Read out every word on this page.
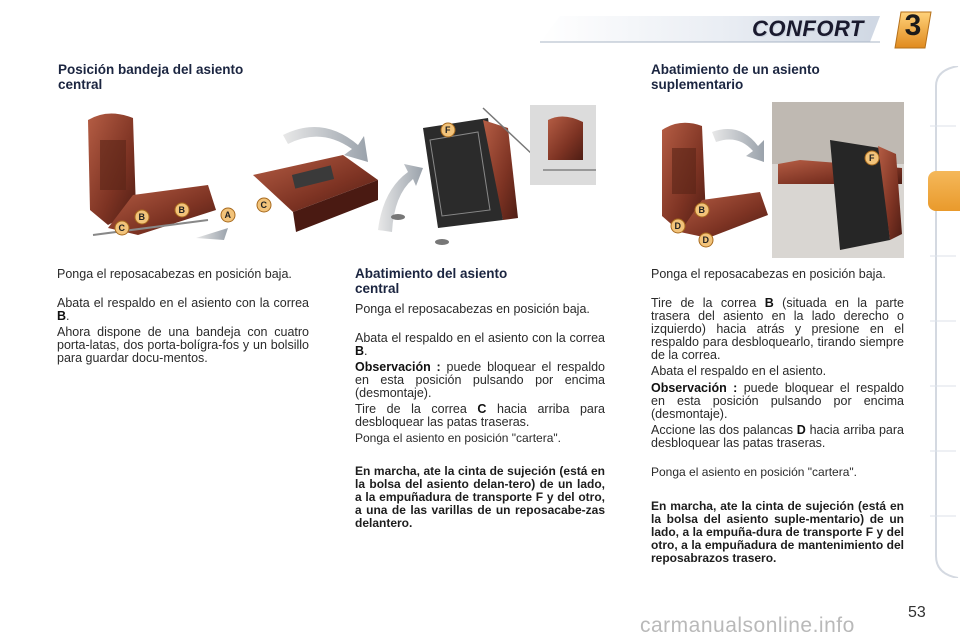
CONFORT	3
Posición bandeja del asiento
central
C
B
B	A
C
F
Ponga el reposacabezas en posición baja.
Abata el respaldo en el asiento con la correa B.
Ahora dispone de una bandeja con cuatro porta-latas, dos porta-bolígra-fos y un bolsillo para guardar docu-mentos.
Abatimiento del asiento
central
Ponga el reposacabezas en posición baja.
Abata el respaldo en el asiento con la correa B.
Observación : puede bloquear el respaldo en esta posición pulsando por encima (desmontaje).
Tire de la correa C hacia arriba para desbloquear las patas traseras.
Ponga el asiento en posición "cartera".
En marcha, ate la cinta de sujeción (está en la bolsa del asiento delan-tero) de un lado, a la empuñadura de transporte F y del otro, a una de las varillas de un reposacabe-zas delantero.
Abatimiento de un asiento
suplementario
D
D
B
F
Ponga el reposacabezas en posición baja.
Tire de la correa B (situada en la parte trasera del asiento en la lado derecho o izquierdo) hacia atrás y presione en el respaldo para desbloquearlo, tirando siempre de la correa.
Abata el respaldo en el asiento.
Observación : puede bloquear el respaldo en esta posición pulsando por encima (desmontaje).
Accione las dos palancas D hacia arriba para desbloquear las patas traseras.
Ponga el asiento en posición "cartera".
En marcha, ate la cinta de sujeción (está en la bolsa del asiento suple-mentario) de un lado, a la empuña-dura de transporte F y del otro, a la empuñadura de mantenimiento del reposabrazos trasero.
carmanualsonline.info
53
